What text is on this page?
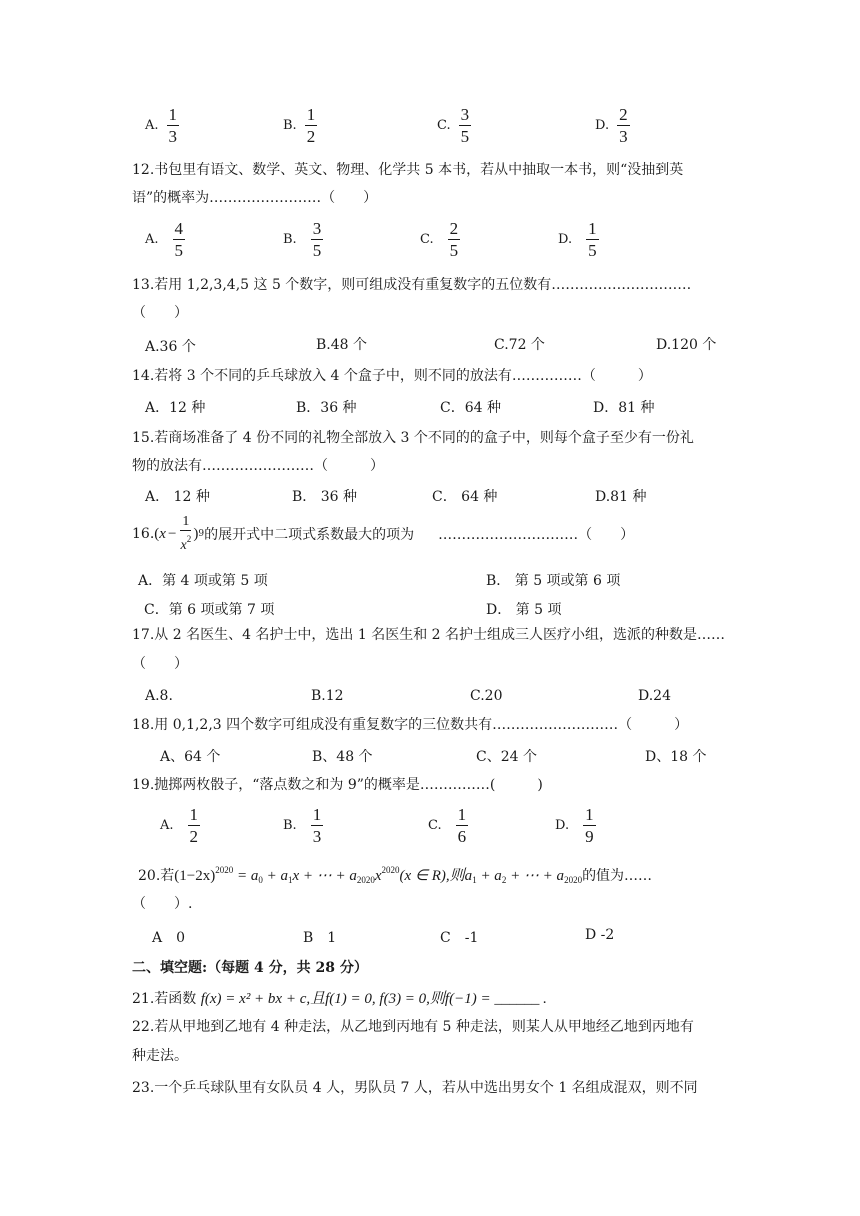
A. $\frac{1}{3}$	B. $\frac{1}{2}$	C. $\frac{3}{5}$	D. $\frac{2}{3}$
12.书包里有语文、数学、英文、物理、化学共 5 本书，若从中抽取一本书，则“没抽到英
语”的概率为……………………（　　）
A. $\frac{4}{5}$	B. $\frac{3}{5}$	C. $\frac{2}{5}$	D. $\frac{1}{5}$
13.若用 1,2,3,4,5 这 5 个数字，则可组成没有重复数字的五位数有…………………………
（　　）
A.36 个	B.48 个	C.72 个	D.120 个
14.若将 3 个不同的乒乓球放入 4 个盒子中，则不同的放法有……………（　　　）
A．12 种	B．36 种	C．64 种	D．81 种
15.若商场准备了 4 份不同的礼物全部放入 3 个不同的的盒子中，则每个盒子至少有一份礼
物的放法有……………………（　　　）
A． 12 种	B． 36 种	C． 64 种	D.81 种
16. ( $x - \frac{1}{x^2}$ ) 9 的展开式中二项式系数最大的项为 …………………………（　　）
A．第 4 项或第 5 项	B． 第 5 项或第 6 项
C．第 6 项或第 7 项	D． 第 5 项
17.从 2 名医生、4 名护士中，选出 1 名医生和 2 名护士组成三人医疗小组，选派的种数是……
（　　）
A.8.	B.12	C.20	D.24
18.用 0,1,2,3 四个数字可组成没有重复数字的三位数共有………………………（　　　）
A、64 个	B、48 个	C、24 个	D、18 个
19.抛掷两枚骰子，“落点数之和为 9”的概率是……………(　　　)
A. $\frac{1}{2}$	B. $\frac{1}{3}$	C. $\frac{1}{6}$	D. $\frac{1}{9}$
20.若$(1-2x)^{2020} = a_0 + a_1x$ + ⋯ + $a_{2020}x^{2020}(x$ ∈ R),则$a_1 + a_2$ + ⋯ + $a_{2020}$的值为……
（　　）.
A　0	B　1	C　-1	D -2
二、填空题:（每题 4 分，共 28 分）
21.若函数 f(x) = x² + bx + c,且f(1) = 0, f(3) = 0,则f(−1) = ______ .
22.若从甲地到乙地有 4 种走法，从乙地到丙地有 5 种走法，则某人从甲地经乙地到丙地有
种走法。
23.一个乒乓球队里有女队员 4 人，男队员 7 人，若从中选出男女个 1 名组成混双，则不同
